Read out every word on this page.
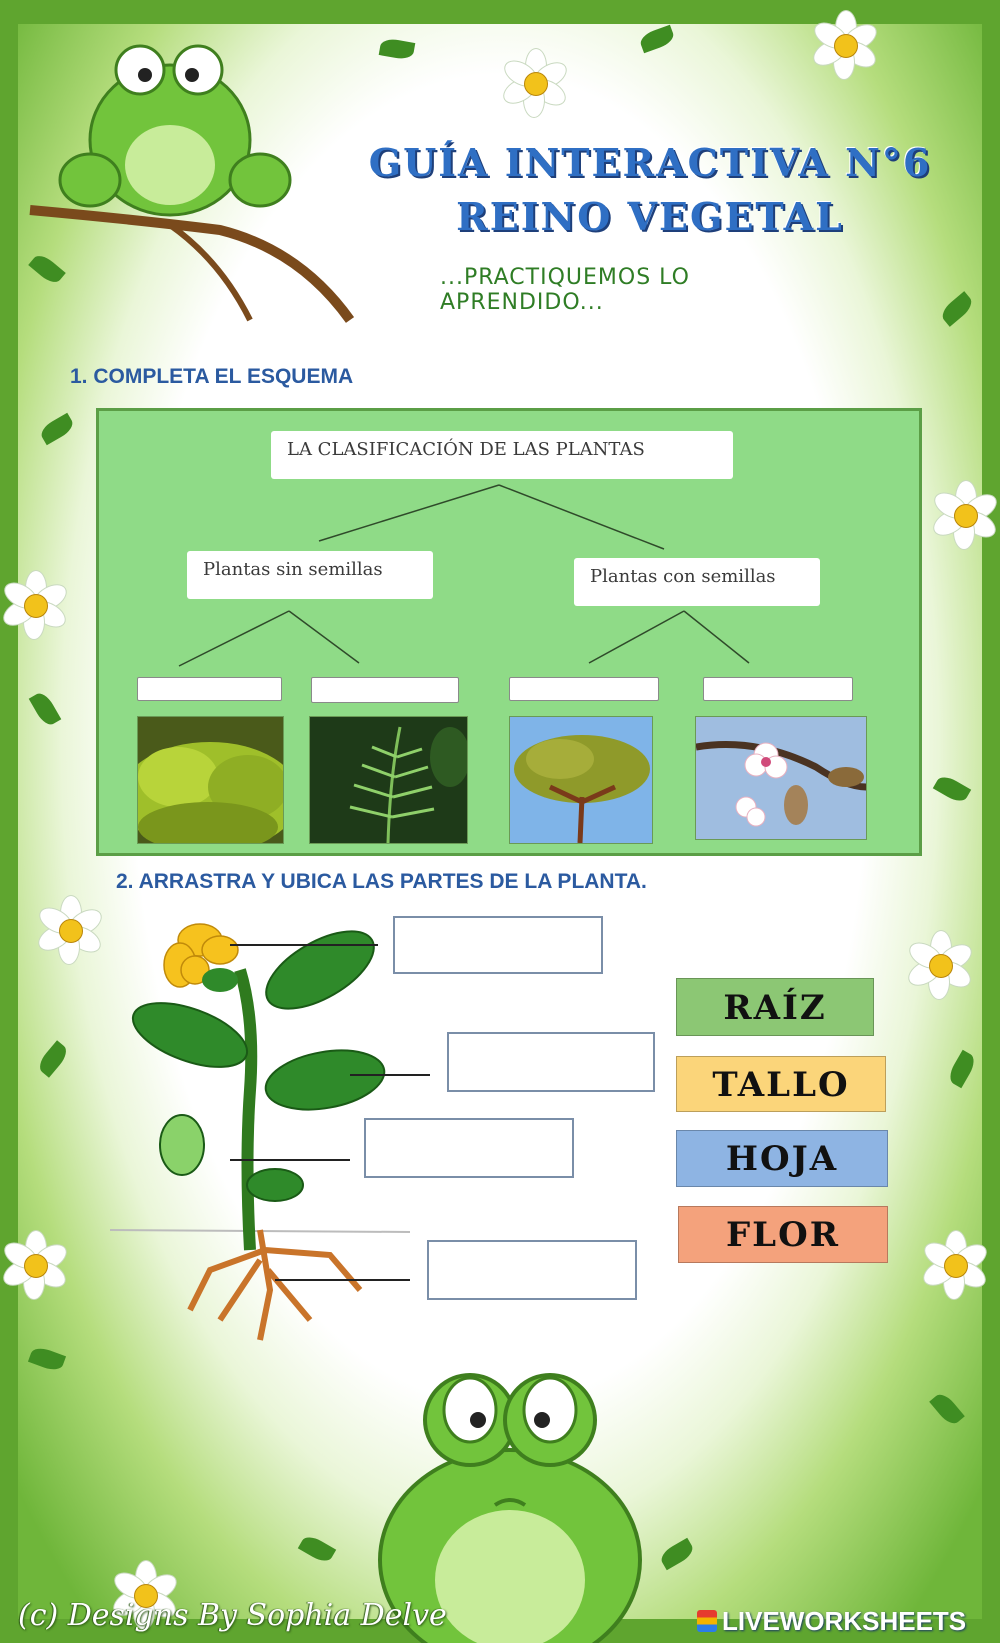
GUÍA INTERACTIVA N°6
REINO VEGETAL
...PRACTIQUEMOS LO APRENDIDO...
1. COMPLETA EL ESQUEMA
LA CLASIFICACIÓN DE LAS PLANTAS
Plantas sin semillas	Plantas con semillas
2. ARRASTRA Y UBICA LAS PARTES DE LA PLANTA.
RAÍZ
TALLO
HOJA
FLOR
(c) Designs By Sophia Delve	LIVEWORKSHEETS
